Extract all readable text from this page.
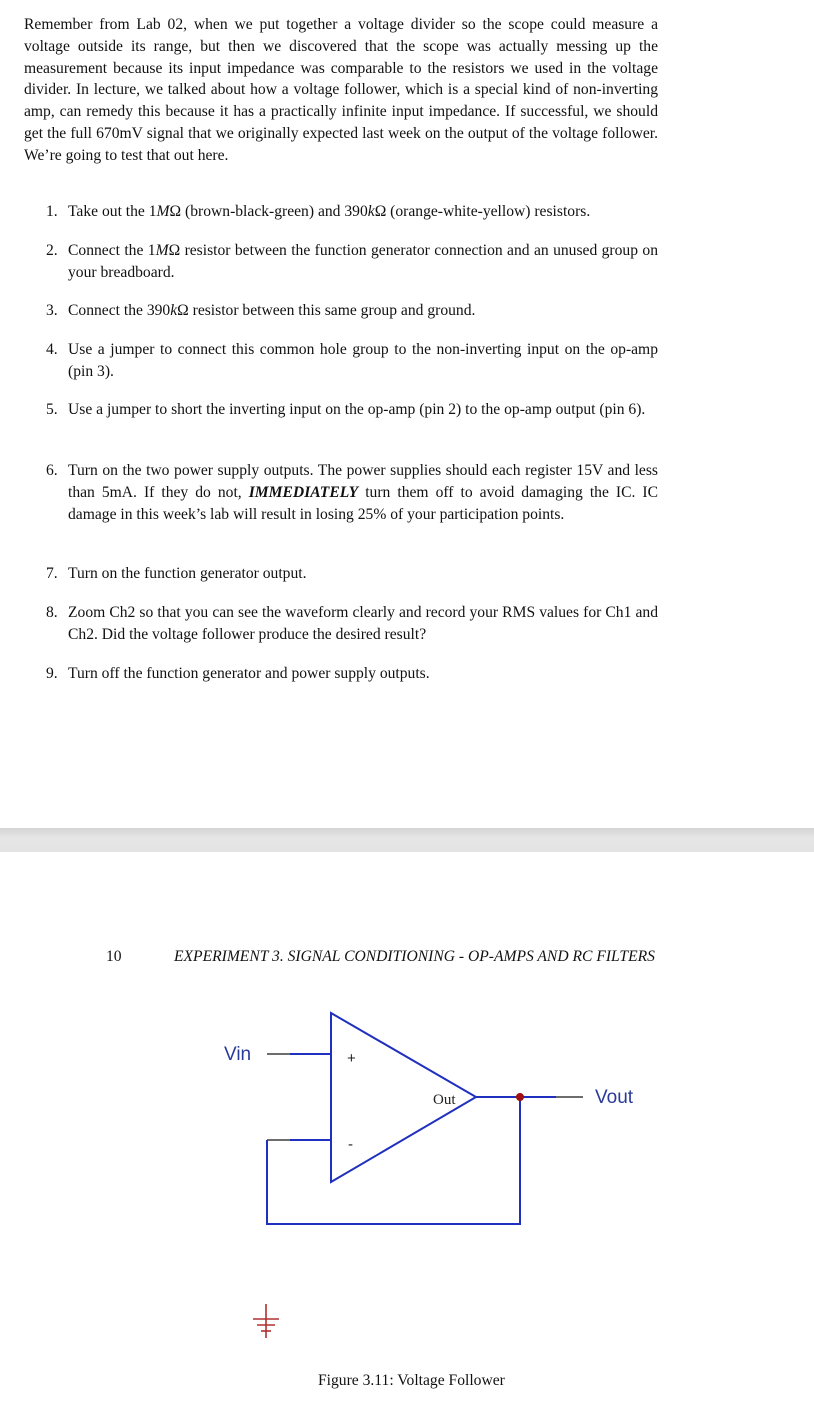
Remember from Lab 02, when we put together a voltage divider so the scope could measure a voltage outside its range, but then we discovered that the scope was actually messing up the measurement because its input impedance was comparable to the resistors we used in the voltage divider. In lecture, we talked about how a voltage follower, which is a special kind of non-inverting amp, can remedy this because it has a practically infinite input impedance. If successful, we should get the full 670mV signal that we originally expected last week on the output of the voltage follower. We’re going to test that out here.

1. Take out the 1MΩ (brown-black-green) and 390kΩ (orange-white-yellow) resistors.
2. Connect the 1MΩ resistor between the function generator connection and an unused group on your breadboard.
3. Connect the 390kΩ resistor between this same group and ground.
4. Use a jumper to connect this common hole group to the non-inverting input on the op-amp (pin 3).
5. Use a jumper to short the inverting input on the op-amp (pin 2) to the op-amp output (pin 6).
6. Turn on the two power supply outputs. The power supplies should each register 15V and less than 5mA. If they do not, IMMEDIATELY turn them off to avoid damaging the IC. IC damage in this week’s lab will result in losing 25% of your participation points.
7. Turn on the function generator output.
8. Zoom Ch2 so that you can see the waveform clearly and record your RMS values for Ch1 and Ch2. Did the voltage follower produce the desired result?
9. Turn off the function generator and power supply outputs.
10	EXPERIMENT 3. SIGNAL CONDITIONING - OP-AMPS AND RC FILTERS
Vin
Vout
Out
+
-
Figure 3.11: Voltage Follower
